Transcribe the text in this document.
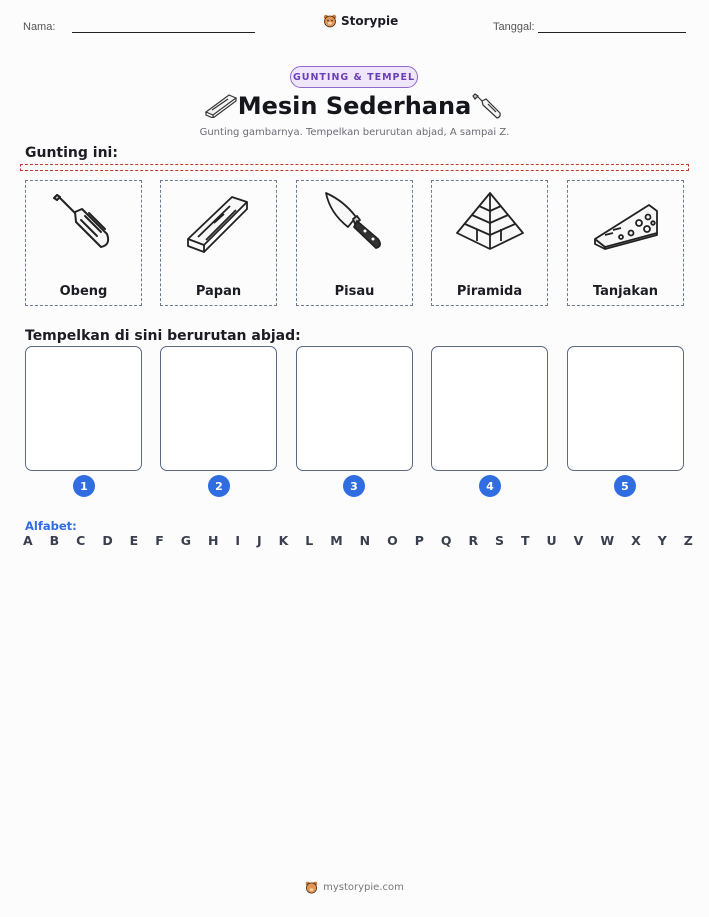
Nama:	Storypie	Tanggal:
GUNTING & TEMPEL
Mesin Sederhana
Gunting gambarnya. Tempelkan berurutan abjad, A sampai Z.
Gunting ini:
Obeng	Papan	Pisau	Piramida	Tanjakan
Tempelkan di sini berurutan abjad:
1	2	3	4	5
Alfabet:
A B C D E F G H I J K L M N O P Q R S T U V W X Y Z
mystorypie.com
